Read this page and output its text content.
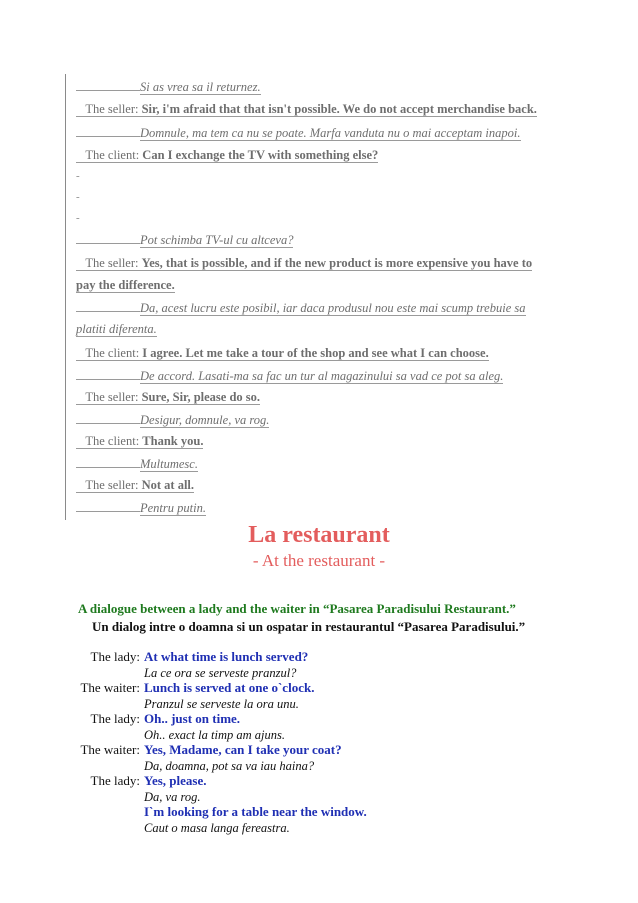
Si as vrea sa il returnez.
The seller: Sir, i'm afraid that that isn't possible. We do not accept merchandise back.
Domnule, ma tem ca nu se poate. Marfa vanduta nu o mai acceptam inapoi.
The client: Can I exchange the TV with something else?
-
-
-
Pot schimba TV-ul cu altceva?
The seller: Yes, that is possible, and if the new product is more expensive you have to
pay the difference.
Da, acest lucru este posibil, iar daca produsul nou este mai scump trebuie sa
platiti diferenta.
The client: I agree. Let me take a tour of the shop and see what I can choose.
De accord. Lasati-ma sa fac un tur al magazinului sa vad ce pot sa aleg.
The seller: Sure, Sir, please do so.
Desigur, domnule, va rog.
The client: Thank you.
Multumesc.
The seller: Not at all.
Pentru putin.
La restaurant
- At the restaurant -
A dialogue between a lady and the waiter in “Pasarea Paradisului Restaurant.”
Un dialog intre o doamna si un ospatar in restaurantul “Pasarea Paradisului.”
The lady: At what time is lunch served?
La ce ora se serveste pranzul?
The waiter: Lunch is served at one o`clock.
Pranzul se serveste la ora unu.
The lady: Oh.. just on time.
Oh.. exact la timp am ajuns.
The waiter: Yes, Madame, can I take your coat?
Da, doamna, pot sa va iau haina?
The lady: Yes, please.
Da, va rog.
I`m looking for a table near the window.
Caut o masa langa fereastra.
